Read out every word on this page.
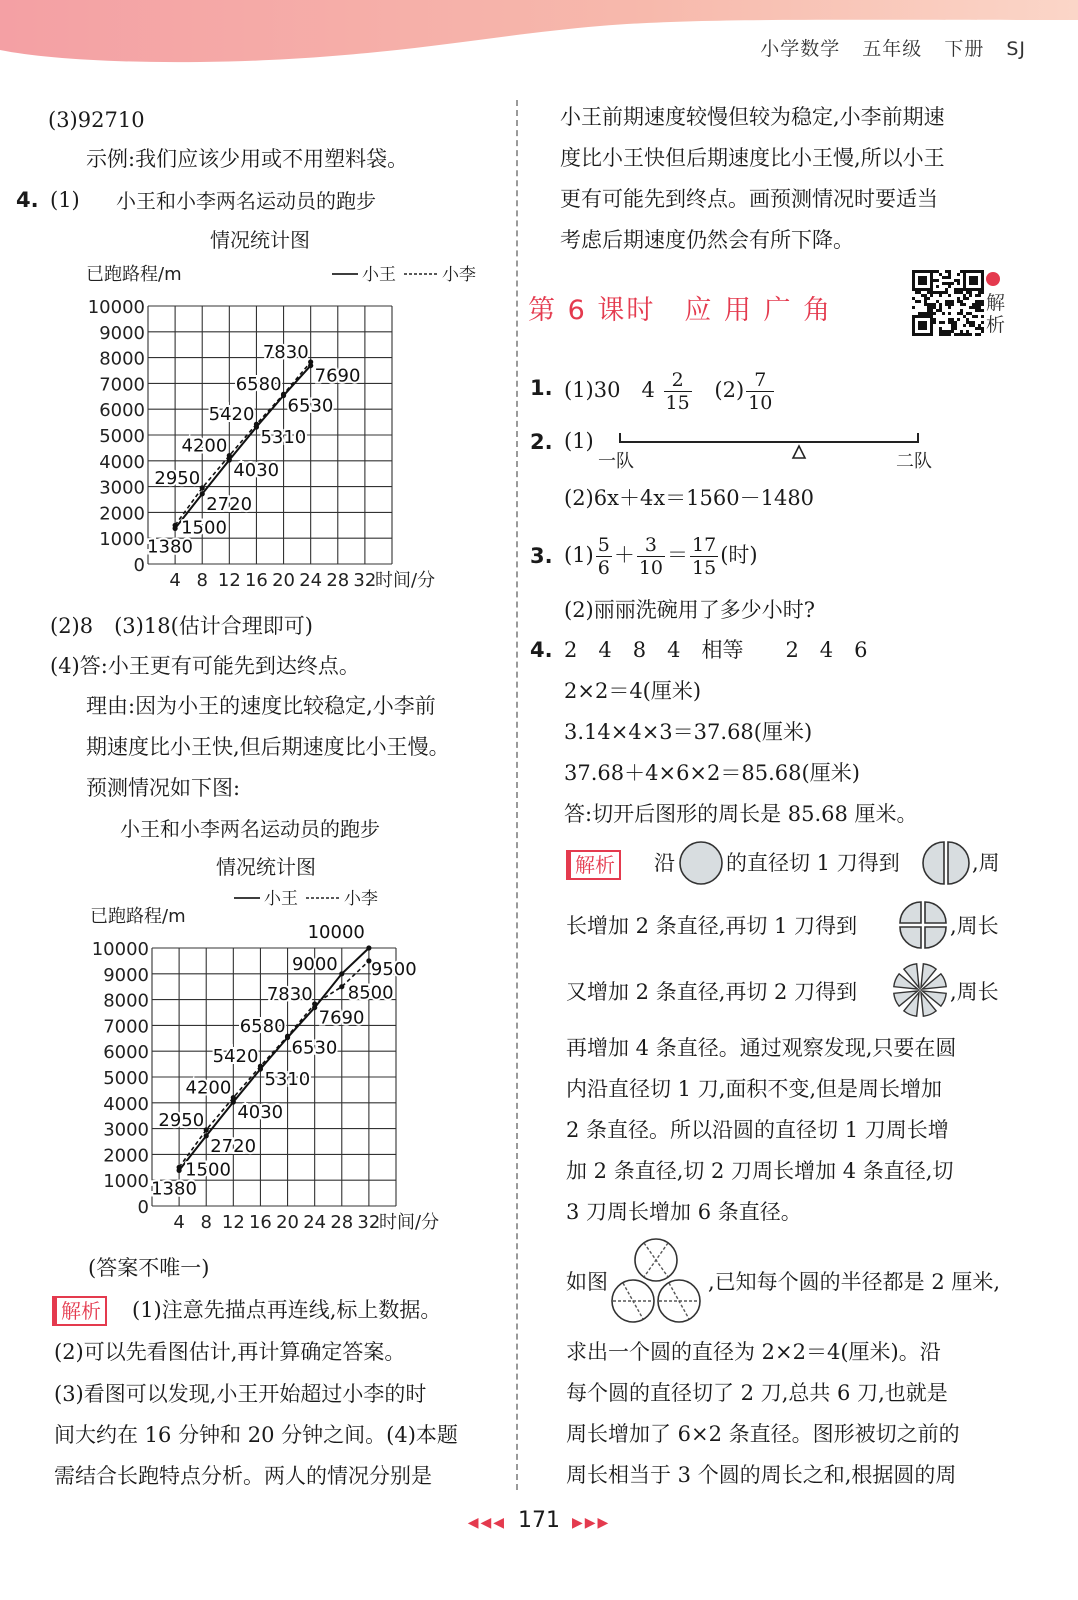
小学数学 五年级 下册 SJ
(3)92710
示例:我们应该少用或不用塑料袋。
4. (1) 小王和小李两名运动员的跑步
情况统计图
已跑路程/m
0
1000
2000
3000
4000
5000
6000
7000
8000
9000
10000
4 8 12 16 20 24 28 32
时间/分
小王	小李
1380
2720
4030
5310
6530
7690
1500
2950
4200
5420
6580
7830
(2)8　(3)18(估计合理即可)
(4)答:小王更有可能先到达终点。
理由:因为小王的速度比较稳定,小李前
期速度比小王快,但后期速度比小王慢。
预测情况如下图:
小王和小李两名运动员的跑步
情况统计图
已跑路程/m
0
1000
2000
3000
4000
5000
6000
7000
8000
9000
10000
4 8 12 16 20 24 28 32
时间/分
小王	小李
1380
2720
4030
5310
6530
7690
9000
10000
1500
2950
4200
5420
6580
7830 8500
9500
(答案不唯一)
解析 (1)注意先描点再连线,标上数据。
(2)可以先看图估计,再计算确定答案。
(3)看图可以发现,小王开始超过小李的时
间大约在 16 分钟和 20 分钟之间。(4)本题
需结合长跑特点分析。两人的情况分别是
小王前期速度较慢但较为稳定,小李前期速
度比小王快但后期速度比小王慢,所以小王
更有可能先到终点。画预测情况时要适当
考虑后期速度仍然会有所下降。
第 6 课时　应 用 广 角	解析
1. (1)30　$4 \frac{2}{15} (2) \frac{7}{10}$
2. (1)
一队	二队
(2)6x＋4x＝1560－1480
3. $(1) \frac{5}{6} + \frac{3}{10} = \frac{17}{15}$ (时)
(2)丽丽洗碗用了多少小时?
4. 2　4　8　4　相等　　2　4　6
2×2＝4(厘米)
3.14×4×3＝37.68(厘米)
37.68＋4×6×2＝85.68(厘米)
答:切开后图形的周长是 85.68 厘米。
解析 沿 的直径切 1 刀得到	,周
长增加 2 条直径,再切 1 刀得到	,周长
又增加 2 条直径,再切 2 刀得到	,周长
再增加 4 条直径。通过观察发现,只要在圆
内沿直径切 1 刀,面积不变,但是周长增加
2 条直径。所以沿圆的直径切 1 刀周长增
加 2 条直径,切 2 刀周长增加 4 条直径,切
3 刀周长增加 6 条直径。
如图	,已知每个圆的半径都是 2 厘米,
求出一个圆的直径为 2×2＝4(厘米)。沿
每个圆的直径切了 2 刀,总共 6 刀,也就是
周长增加了 6×2 条直径。图形被切之前的
周长相当于 3 个圆的周长之和,根据圆的周
◀◀◀ 171 ▶▶▶
